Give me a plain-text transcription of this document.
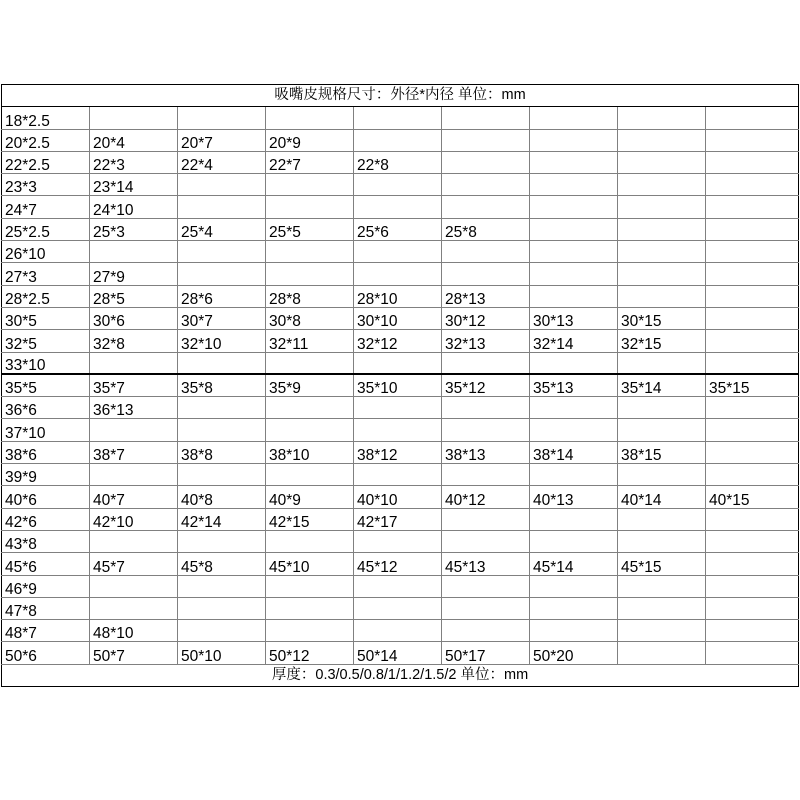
吸嘴皮规格尺寸：外径*内径 单位：mm								
18*2.5								
20*2.5	20*4	20*7	20*9					
22*2.5	22*3	22*4	22*7	22*8				
23*3	23*14							
24*7	24*10							
25*2.5	25*3	25*4	25*5	25*6	25*8			
26*10								
27*3	27*9							
28*2.5	28*5	28*6	28*8	28*10	28*13			
30*5	30*6	30*7	30*8	30*10	30*12	30*13	30*15	
32*5	32*8	32*10	32*11	32*12	32*13	32*14	32*15	
33*10								
35*5	35*7	35*8	35*9	35*10	35*12	35*13	35*14	35*15
36*6	36*13							
37*10								
38*6	38*7	38*8	38*10	38*12	38*13	38*14	38*15	
39*9								
40*6	40*7	40*8	40*9	40*10	40*12	40*13	40*14	40*15
42*6	42*10	42*14	42*15	42*17				
43*8								
45*6	45*7	45*8	45*10	45*12	45*13	45*14	45*15	
46*9								
47*8								
48*7	48*10							
50*6	50*7	50*10	50*12	50*14	50*17	50*20		
厚度：0.3/0.5/0.8/1/1.2/1.5/2 单位：mm								
